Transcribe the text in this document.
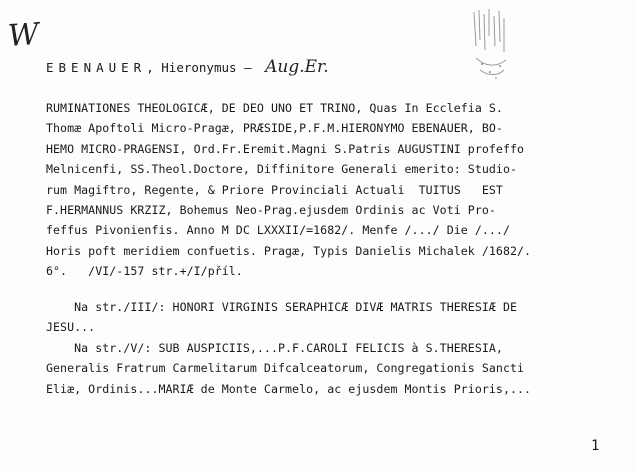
W
EBENAUER, Hieronymus – Aug.Er.
RUMINATIONES THEOLOGICÆ, DE DEO UNO ET TRINO, Quas In Ecclefia S.
Thomæ Apoftoli Micro-Pragæ, PRÆSIDE,P.F.M.HIERONYMO EBENAUER, BO-
HEMO MICRO-PRAGENSI, Ord.Fr.Eremit.Magni S.Patris AUGUSTINI profeffo
Melnicenfi, SS.Theol.Doctore, Diffinitore Generali emerito: Studio-
rum Magiftro, Regente, & Priore Provinciali Actuali  TUITUS   EST
F.HERMANNUS KRZIZ, Bohemus Neo-Prag.ejusdem Ordinis ac Voti Pro-
feffus Pivonienfis. Anno M DC LXXXII/=1682/. Menfe /.../ Die /.../
Horis poft meridiem confuetis. Pragæ, Typis Danielis Michalek /1682/.
6°.   /VI/-157 str.+/I/příl.
Na str./III/: HONORI VIRGINIS SERAPHICÆ DIVÆ MATRIS THERESIÆ DE
JESU...
Na str./V/: SUB AUSPICIIS,...P.F.CAROLI FELICIS à S.THERESIA,
Generalis Fratrum Carmelitarum Difcalceatorum, Congregationis Sancti
Eliæ, Ordinis...MARIÆ de Monte Carmelo, ac ejusdem Montis Prioris,...
1
